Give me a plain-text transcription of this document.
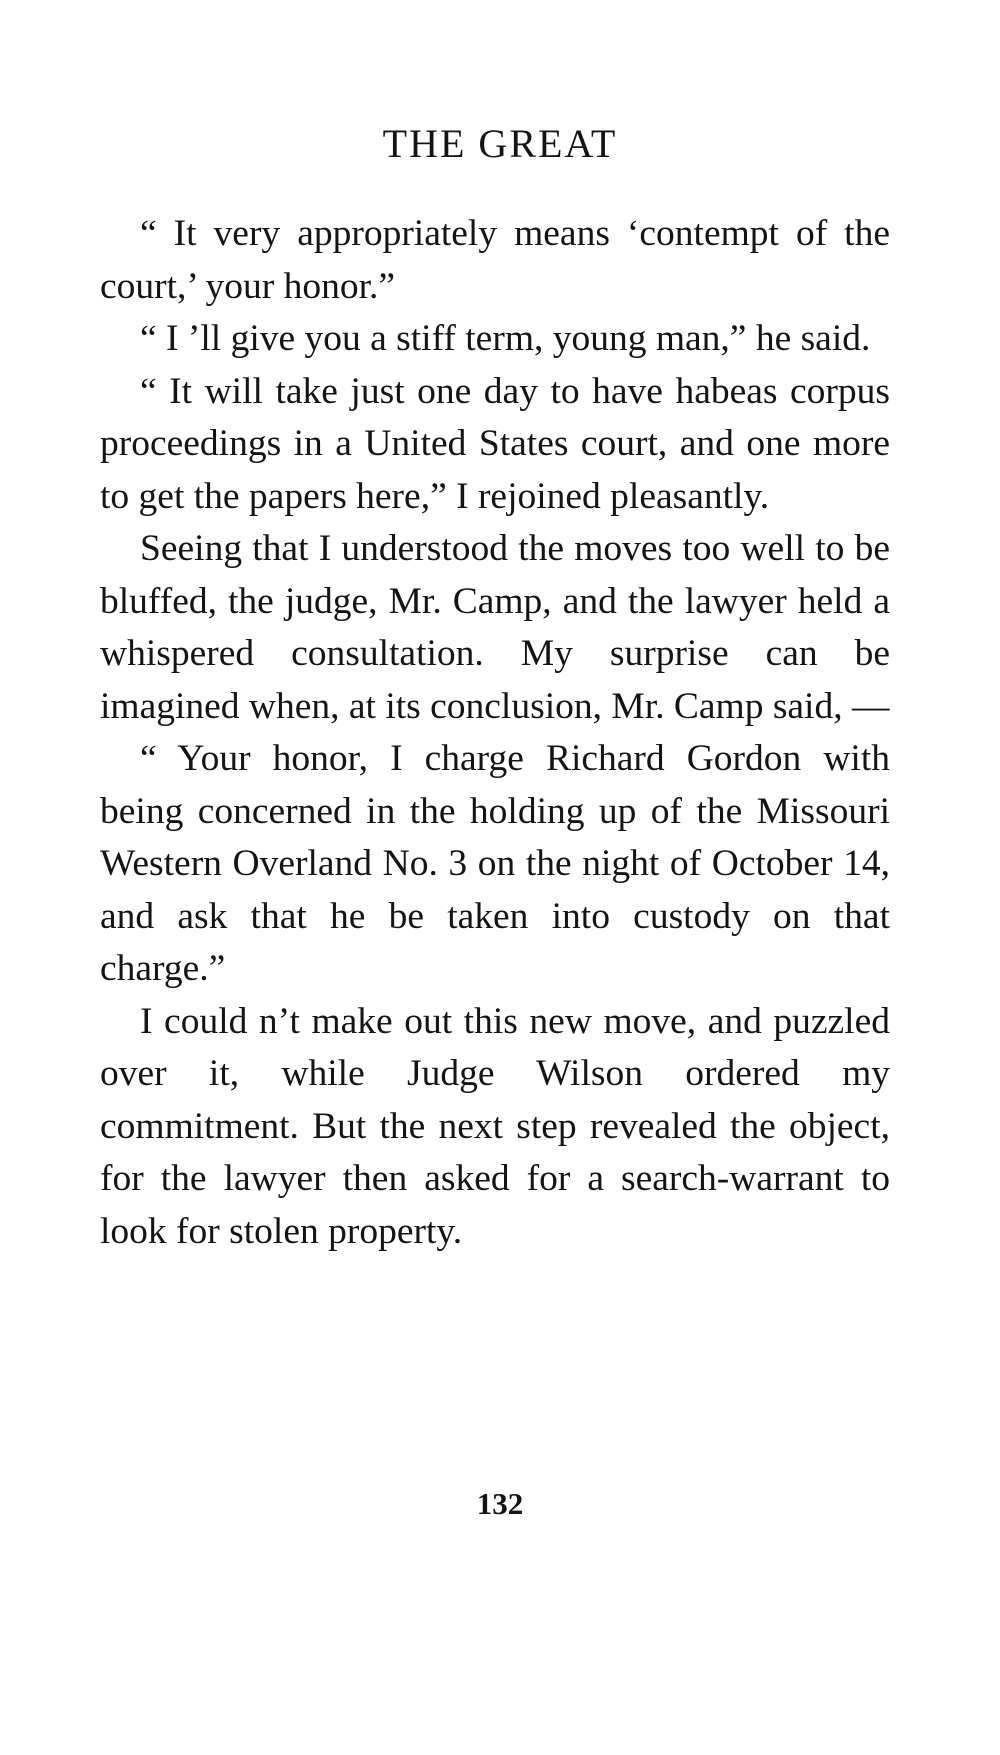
THE GREAT

“ It very appropriately means ‘contempt of the court,’ your honor.”

“ I ’ll give you a stiff term, young man,” he said.

“ It will take just one day to have habeas corpus proceedings in a United States court, and one more to get the papers here,” I rejoined pleasantly.

Seeing that I understood the moves too well to be bluffed, the judge, Mr. Camp, and the lawyer held a whispered consultation. My surprise can be imagined when, at its conclusion, Mr. Camp said, —

“ Your honor, I charge Richard Gordon with being concerned in the holding up of the Missouri Western Overland No. 3 on the night of October 14, and ask that he be taken into custody on that charge.”

I could n’t make out this new move, and puzzled over it, while Judge Wilson ordered my commitment. But the next step revealed the object, for the lawyer then asked for a search-warrant to look for stolen property.

132
